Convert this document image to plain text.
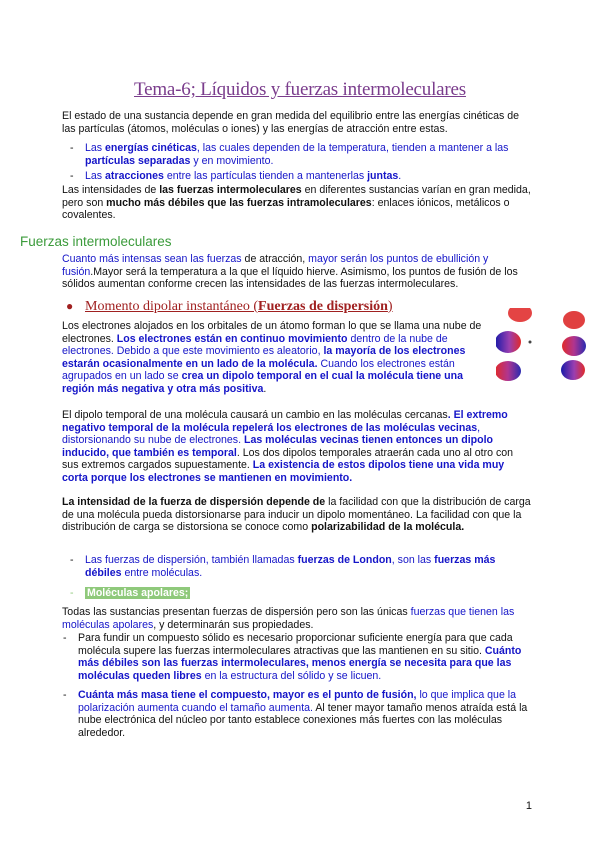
Tema-6; Líquidos y fuerzas intermoleculares
El estado de una sustancia depende en gran medida del equilibrio entre las energías cinéticas de las partículas (átomos, moléculas o iones) y las energías de atracción entre estas.
- Las energías cinéticas, las cuales dependen de la temperatura, tienden a mantener a las partículas separadas y en movimiento.
- Las atracciones entre las partículas tienden a mantenerlas juntas.
Las intensidades de las fuerzas intermoleculares en diferentes sustancias varían en gran medida, pero son mucho más débiles que las fuerzas intramoleculares: enlaces iónicos, metálicos o covalentes.
Fuerzas intermoleculares
Cuanto más intensas sean las fuerzas de atracción, mayor serán los puntos de ebullición y fusión.Mayor será la temperatura a la que el líquido hierve. Asimismo, los puntos de fusión de los sólidos aumentan conforme crecen las intensidades de las fuerzas intermoleculares.
● Momento dipolar instantáneo (Fuerzas de dispersión)
Los electrones alojados en los orbitales de un átomo forman lo que se llama una nube de electrones. Los electrones están en continuo movimiento dentro de la nube de electrones. Debido a que este movimiento es aleatorio, la mayoría de los electrones estarán ocasionalmente en un lado de la molécula. Cuando los electrones están agrupados en un lado se crea un dipolo temporal en el cual la molécula tiene una región más negativa y otra más positiva.
El dipolo temporal de una molécula causará un cambio en las moléculas cercanas. El extremo negativo temporal de la molécula repelerá los electrones de las moléculas vecinas, distorsionando su nube de electrones. Las moléculas vecinas tienen entonces un dipolo inducido, que también es temporal. Los dos dipolos temporales atraerán cada uno al otro con sus extremos cargados supuestamente. La existencia de estos dipolos tiene una vida muy corta porque los electrones se mantienen en movimiento.
La intensidad de la fuerza de dispersión depende de la facilidad con que la distribución de carga de una molécula pueda distorsionarse para inducir un dipolo momentáneo. La facilidad con que la distribución de carga se distorsiona se conoce como polarizabilidad de la molécula.
- Las fuerzas de dispersión, también llamadas fuerzas de London, son las fuerzas más débiles entre moléculas.
- Moléculas apolares;
Todas las sustancias presentan fuerzas de dispersión pero son las únicas fuerzas que tienen las moléculas apolares, y determinarán sus propiedades.
- Para fundir un compuesto sólido es necesario proporcionar suficiente energía para que cada molécula supere las fuerzas intermoleculares atractivas que las mantienen en su sitio. Cuánto más débiles son las fuerzas intermoleculares, menos energía se necesita para que las moléculas queden libres en la estructura del sólido y se licuen.
- Cuánta más masa tiene el compuesto, mayor es el punto de fusión, lo que implica que la polarización aumenta cuando el tamaño aumenta. Al tener mayor tamaño menos atraída está la nube electrónica del núcleo por tanto establece conexiones más fuertes con las moléculas alrededor.
1
